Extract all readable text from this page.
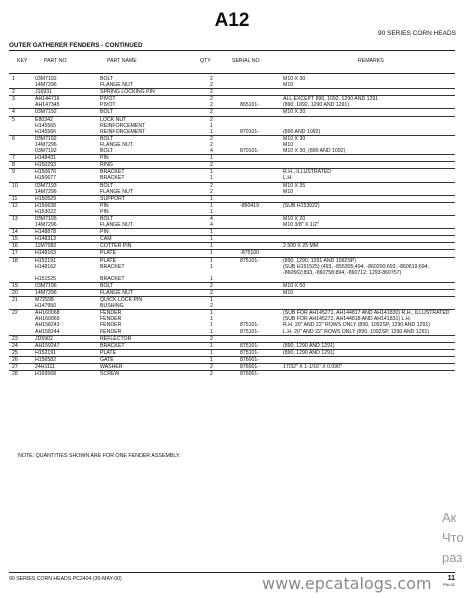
A12
90 SERIES CORN HEADS
OUTER GATHERER FENDERS - CONTINUED
KEY	PART NO.	PART NAME	QTY	SERIAL NO.	REMARKS
1	03M7192	BOLT	2		M10 X 30
	14M7296	FLANGE NUT	2		M10
2	J16931	SPRING LOCKING PIN	2		
3	AH144716	PIVOT	2		ALL EXCEPT 890, 1092, 1290 AND 1291
	AH147345	PIVOT	2	865101-	(890, 1092, 1290 AND 1291)
4	03M7192	BOLT	2		M10 X 30
5	E80342	LOCK NUT	2		
	H145565	REINFORCEMENT	1		
	H145566	REINFORCEMENT	1	870101-	(890 AND 1092)
6	03M7192	BOLT	2		M10 X 30
	14M7296	FLANGE NUT	2		M10
	03M7192	BOLT	4	870101-	M10 X 30, (890 AND 1092)
7	H148431	PIN	1		
8	H150293	RING	2		
9	H150676	BRACKET	1		R.H., ILLUSTRATED
	H150677	BRACKET	1		L.H.
10	03M7193	BOLT	2		M10 X 35
	14M7296	FLANGE NUT	2		M10
11	H150529	SUPPORT	1		
12	H150638	PIN	1	-860419	(SUB H153022)
	H153022	PIN	1		
13	03M7195	BOLT	4		M10 X 20
	14M7296	FLANGE NUT	4		M10 3/8" X 1/2"
14	H148878	PIN	1		
15	H148313	CAM	1		
16	11M7082	COTTER PIN	1		2.500 X 25 MM
17	H148163	PLATE	1	-875100	
18	H152191	PLATE	1	875101-	(890, 1290, 1291 AND 1092SP)
	H148162	BRACKET	1		(SUB H151525) (493, -855305;494, -860200;693, -860619;694, -860562;893, -860758;894, -860712; 1293-860757)
	H151525	BRACKET	1		
19	03M7196	BOLT	2		M10 X 50
20	14M7296	FLANGE NUT	2		M10
21	M72598	QUICK LOCK PIN	1		
	H147950	BUSHING	2		
22	AH160068	FENDER	1		(SUB FOR AH145271, AH144817 AND AH141830) R.H., ILLUSTRATED
	AH160069	FENDER	1		(SUB FOR AH145272, AH144818 AND AH141831) L.H.
	AH158243	FENDER	1	875101-	R.H. 20" AND 22" ROWS ONLY (890, 1092SP, 1290 AND 1291)
	AH158244	FENDER	1	875101-	L.H. 20" AND 22" ROWS ONLY (890, 1092SP, 1290 AND 1291)
23	JD5902	REFLECTOR	2		
24	AH159247	BRACKET	1	875101-	(890, 1290 AND 1291)
25	H152191	PLATE	1	875101-	(890, 1290 AND 1291)
26	H156582	GATE	1	876001-	
27	24H1111	WASHER	2	876001-	17/32" X 1-1/16" X 0.090"
28	H169568	SCREW	2	876001-	
NOTE: QUANTITIES SHOWN ARE FOR ONE FENDER ASSEMBLY.
90 SERIES CORN HEADS PC2404 (30-MAY-00)	www.epcatalogs.com	11
PN=11
Ак
Что
раз
